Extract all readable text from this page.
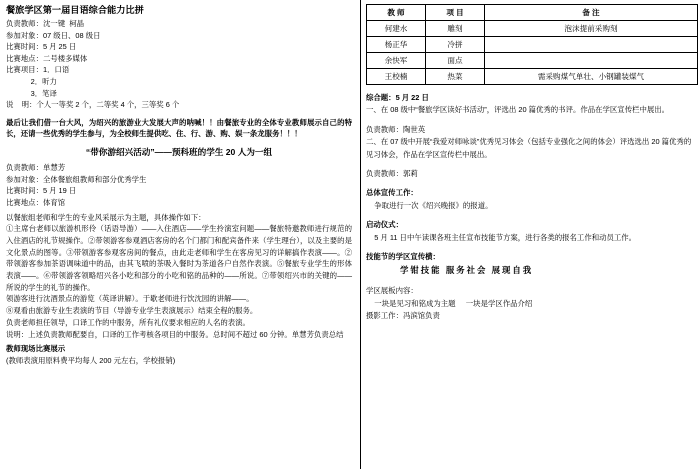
餐旅学区第一届目语综合能力比拼
负责教师：沈一键  柯晶
参加对象：07 级日、08 级日
比赛时间：5 月 25 日
比赛地点：二号楼多媒体
比赛项目：1．口语
2．听力
3．笔译
说    明：个人一等奖 2 个，二等奖 4 个，三等奖 6 个
最后让我们借一台大风，为绍兴的旅游业大发展大声的呐喊！！由餐旅专业的全体专业教师展示自己的特长，还请一些优秀的学生参与，为全校师生提供吃、住、行、游、购、娱一条龙服务！！！
“带你游绍兴活动”——预科班的学生 20 人为一组
负责教师：单慧芳
参加对象：全体餐旅组教师和部分优秀学生
比赛时间：5 月 19 日
比赛地点：体育馆
以餐旅组老师和学生的专业风采展示为主题，具体操作如下：
①主席台老师以旅游机形伶（话语导游）——入住酒店——学生拎演室问题——餐旅特邀教师进行规范的入住酒店的礼节规操作。②带领游客参观酒店客房的名个门都门和配宾备件来（学生理台），以及主要的是文化景点的图等。③带领游客参观客房间的餐点，由此走老师和学生在客房见习的详解搞作表演——。②带领游客参加茶语调味道中的品，由其飞喷的茶吸入餐时为茶道各户自然作表演。⑤餐旅专业学生的形体表演——。⑥带领游客领略绍兴各小吃和部分的小吃和铭的品种的——所说。⑦带领绍兴市的关键的——所说的学生的礼节的操作。
领游客进行沈酒景点的游览（英译讲解）。于歇老师进行饮沈园的讲解——。
⑧观看由旅游专业生表演的节目（导游专业学生表演展示）结束全程的服务。
负责老师担任领导，口译工作的中服务，所有礼仪要求相应的人名的表演。
说明：上述负责教师配要自，口译的工作考核各项目的中服务。总时间不超过 60 分钟。单慧芳负责总结
教师现场比赛展示
(教师表演用原料费平均每人 200 元左右，学校报销)
教 师	项 目	备 注
何建水	雕刻	泡沫提前采购刻
杨正华	冷拼	
余快军	面点	
王校楠	热菜	需采购煤气单壮、小钢罐装煤气
综合题：5 月 22 日
一、在 08 级中“餐旅学区读好书活动”，评选出 20 篇优秀的书评。作品在学区宣传栏中展出。
负责教师：陶世英
二、在 07 级中开展“我爱对师咏谈”优秀见习体会（包括专业强化之间的体会）评选选出 20 篇优秀的见习体会，作品在学区宣传栏中展出。
负责教师：郭莉
总体宣传工作：
争取进行一次《绍兴晚报》的报道。
启动仪式：
5 月 11 日中午读课各班主任宣布技能节方案，进行各类的报名工作和动员工作。
技能节的学区宣传横：
学钳技能 服务社会 展现自我
学区展板内容：
一块是见习和铭成为主题     一块是学区作品介绍
摄影工作：冯滨馆负责
